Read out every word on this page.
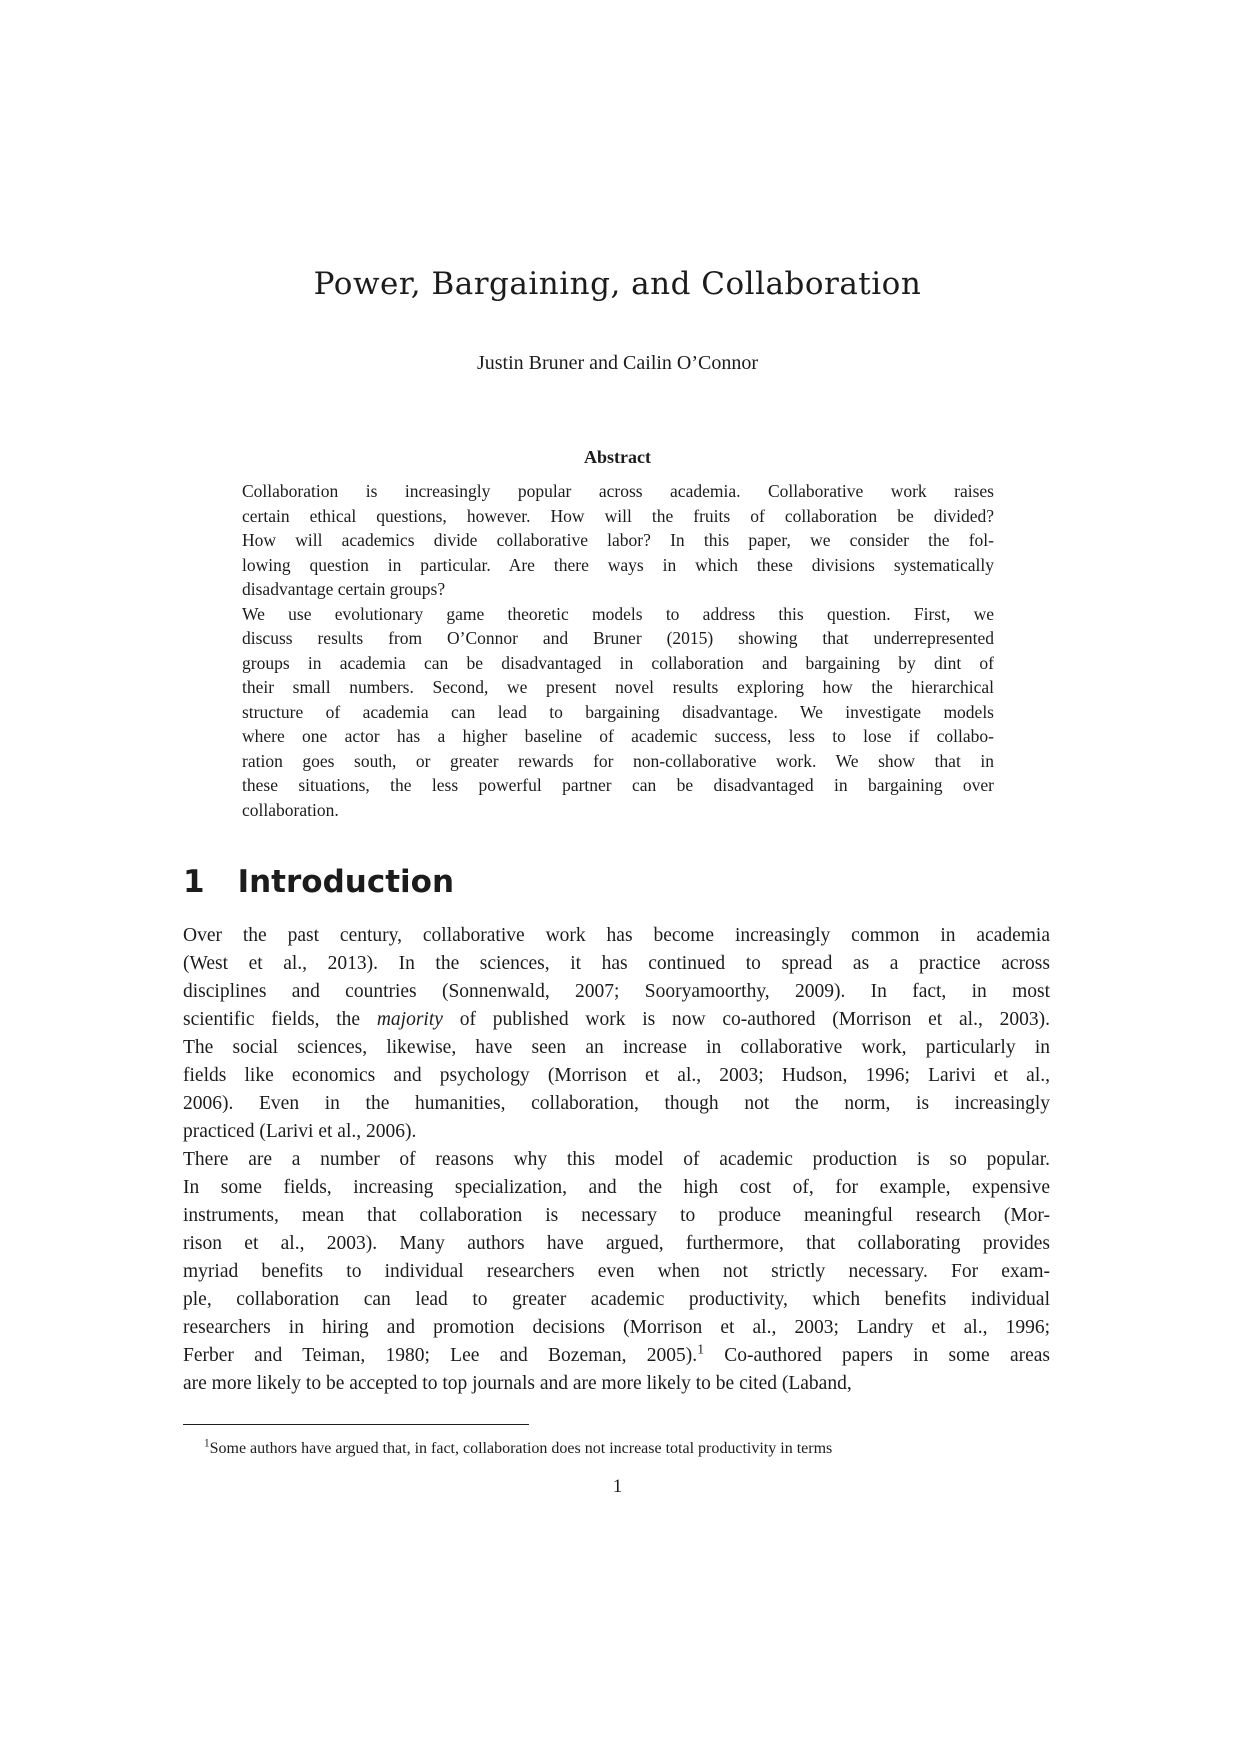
Power, Bargaining, and Collaboration
Justin Bruner and Cailin O’Connor
Abstract
Collaboration is increasingly popular across academia. Collaborative work raises
certain ethical questions, however. How will the fruits of collaboration be divided?
How will academics divide collaborative labor? In this paper, we consider the fol-
lowing question in particular. Are there ways in which these divisions systematically
disadvantage certain groups?
We use evolutionary game theoretic models to address this question. First, we
discuss results from O’Connor and Bruner (2015) showing that underrepresented
groups in academia can be disadvantaged in collaboration and bargaining by dint of
their small numbers. Second, we present novel results exploring how the hierarchical
structure of academia can lead to bargaining disadvantage. We investigate models
where one actor has a higher baseline of academic success, less to lose if collabo-
ration goes south, or greater rewards for non-collaborative work. We show that in
these situations, the less powerful partner can be disadvantaged in bargaining over
collaboration.
1 Introduction
Over the past century, collaborative work has become increasingly common in academia
(West et al., 2013). In the sciences, it has continued to spread as a practice across
disciplines and countries (Sonnenwald, 2007; Sooryamoorthy, 2009). In fact, in most
scientific fields, the majority of published work is now co-authored (Morrison et al., 2003).
The social sciences, likewise, have seen an increase in collaborative work, particularly in
fields like economics and psychology (Morrison et al., 2003; Hudson, 1996; Larivi et al.,
2006). Even in the humanities, collaboration, though not the norm, is increasingly
practiced (Larivi et al., 2006).
There are a number of reasons why this model of academic production is so popular.
In some fields, increasing specialization, and the high cost of, for example, expensive
instruments, mean that collaboration is necessary to produce meaningful research (Mor-
rison et al., 2003). Many authors have argued, furthermore, that collaborating provides
myriad benefits to individual researchers even when not strictly necessary. For exam-
ple, collaboration can lead to greater academic productivity, which benefits individual
researchers in hiring and promotion decisions (Morrison et al., 2003; Landry et al., 1996;
Ferber and Teiman, 1980; Lee and Bozeman, 2005).$^1$ Co-authored papers in some areas
are more likely to be accepted to top journals and are more likely to be cited (Laband,
$^1$Some authors have argued that, in fact, collaboration does not increase total productivity in terms
1
